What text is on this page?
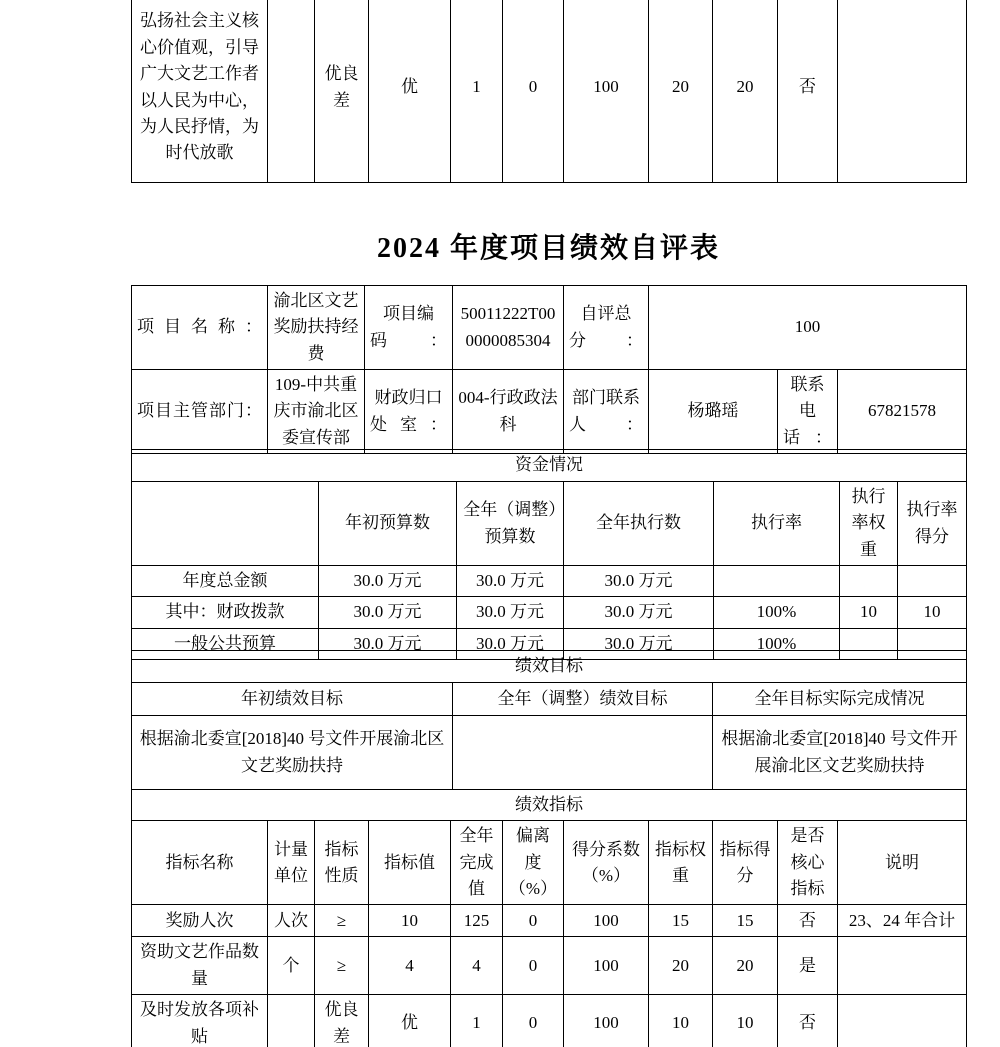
弘扬社会主义核心价值观，引导广大文艺工作者以人民为中心，为人民抒情，为时代放歌		优良差	优	1	0	100	20	20	否	
2024 年度项目绩效自评表
项目名称：	渝北区文艺奖励扶持经费	项目编码：	50011222T000000085304	自评总分：	100		
项目主管部门：	109-中共重庆市渝北区委宣传部	财政归口处室：	004-行政政法科	部门联系人：	杨璐瑶	联系电话：	67821578
资金情况						
	年初预算数	全年（调整）预算数	全年执行数	执行率	执行率权重	执行率得分
年度总金额	30.0 万元	30.0 万元	30.0 万元			
其中：财政拨款	30.0 万元	30.0 万元	30.0 万元	100%	10	10
一般公共预算	30.0 万元	30.0 万元	30.0 万元	100%		
绩效目标		
年初绩效目标	全年（调整）绩效目标	全年目标实际完成情况
根据渝北委宣[2018]40 号文件开展渝北区文艺奖励扶持		根据渝北委宣[2018]40 号文件开展渝北区文艺奖励扶持
绩效指标										
指标名称	计量单位	指标性质	指标值	全年完成值	偏离度（%）	得分系数（%）	指标权重	指标得分	是否核心指标	说明
奖励人次	人次	≥	10	125	0	100	15	15	否	23、24 年合计
资助文艺作品数量	个	≥	4	4	0	100	20	20	是	
及时发放各项补贴		优良差	优	1	0	100	10	10	否	
